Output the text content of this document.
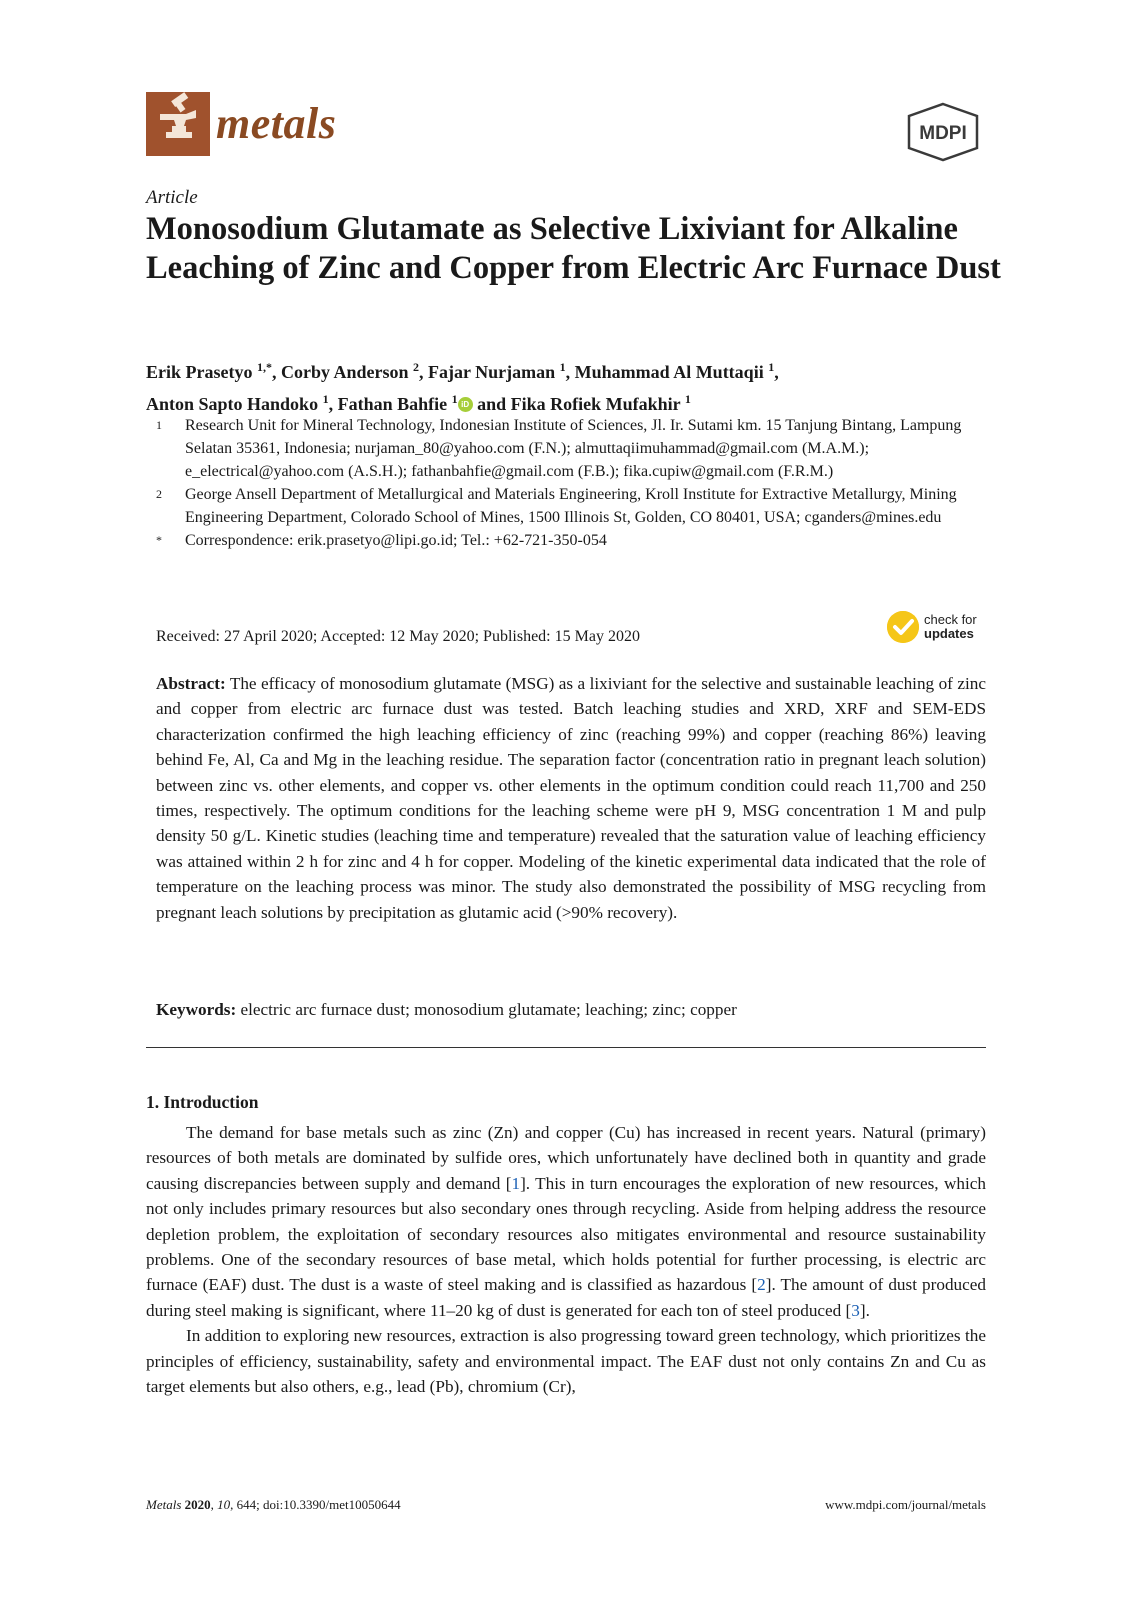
metals	MDPI
Article
Monosodium Glutamate as Selective Lixiviant for Alkaline Leaching of Zinc and Copper from Electric Arc Furnace Dust
Erik Prasetyo $^{1,*}$, Corby Anderson $^2$, Fajar Nurjaman $^1$, Muhammad Al Muttaqii $^1$,
Anton Sapto Handoko $^1$, Fathan Bahfie $^1$ iD and Fika Rofiek Mufakhir $^1$
1	Research Unit for Mineral Technology, Indonesian Institute of Sciences, Jl. Ir. Sutami km. 15 Tanjung Bintang, Lampung Selatan 35361, Indonesia; nurjaman_80@yahoo.com (F.N.); almuttaqiimuhammad@gmail.com (M.A.M.); e_electrical@yahoo.com (A.S.H.); fathanbahfie@gmail.com (F.B.); fika.cupiw@gmail.com (F.R.M.)
2	George Ansell Department of Metallurgical and Materials Engineering, Kroll Institute for Extractive Metallurgy, Mining Engineering Department, Colorado School of Mines, 1500 Illinois St, Golden, CO 80401, USA; cganders@mines.edu
*	Correspondence: erik.prasetyo@lipi.go.id; Tel.: +62-721-350-054
Received: 27 April 2020; Accepted: 12 May 2020; Published: 15 May 2020
check for
updates

Abstract: The efficacy of monosodium glutamate (MSG) as a lixiviant for the selective and sustainable leaching of zinc and copper from electric arc furnace dust was tested. Batch leaching studies and XRD, XRF and SEM-EDS characterization confirmed the high leaching efficiency of zinc (reaching 99%) and copper (reaching 86%) leaving behind Fe, Al, Ca and Mg in the leaching residue. The separation factor (concentration ratio in pregnant leach solution) between zinc vs. other elements, and copper vs. other elements in the optimum condition could reach 11,700 and 250 times, respectively. The optimum conditions for the leaching scheme were pH 9, MSG concentration 1 M and pulp density 50 g/L. Kinetic studies (leaching time and temperature) revealed that the saturation value of leaching efficiency was attained within 2 h for zinc and 4 h for copper. Modeling of the kinetic experimental data indicated that the role of temperature on the leaching process was minor. The study also demonstrated the possibility of MSG recycling from pregnant leach solutions by precipitation as glutamic acid (>90% recovery).

Keywords: electric arc furnace dust; monosodium glutamate; leaching; zinc; copper
1. Introduction

The demand for base metals such as zinc (Zn) and copper (Cu) has increased in recent years. Natural (primary) resources of both metals are dominated by sulfide ores, which unfortunately have declined both in quantity and grade causing discrepancies between supply and demand [1]. This in turn encourages the exploration of new resources, which not only includes primary resources but also secondary ones through recycling. Aside from helping address the resource depletion problem, the exploitation of secondary resources also mitigates environmental and resource sustainability problems. One of the secondary resources of base metal, which holds potential for further processing, is electric arc furnace (EAF) dust. The dust is a waste of steel making and is classified as hazardous [2]. The amount of dust produced during steel making is significant, where 11–20 kg of dust is generated for each ton of steel produced [3].

In addition to exploring new resources, extraction is also progressing toward green technology, which prioritizes the principles of efficiency, sustainability, safety and environmental impact. The EAF dust not only contains Zn and Cu as target elements but also others, e.g., lead (Pb), chromium (Cr),

Metals 2020, 10, 644; doi:10.3390/met10050644	www.mdpi.com/journal/metals
